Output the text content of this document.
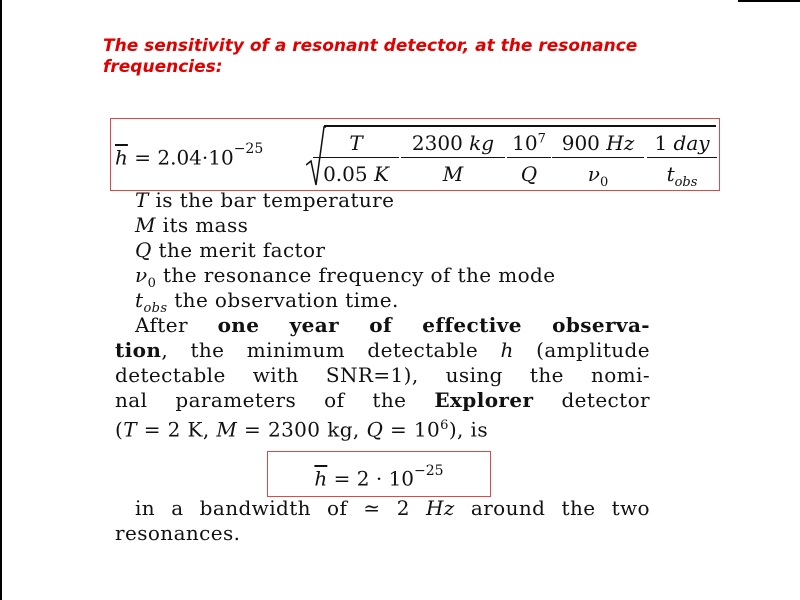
The sensitivity of a resonant detector, at the resonance frequencies:
$\overline{h} = 2.04\cdot 10^{-25} \frac{T}{0.05 K} \frac{2300 kg}{M} \frac{10^7}{Q} \frac{900 Hz}{\nu_0} 1$ day
$t_{obs}$
T is the bar temperature
M its mass
Q the merit factor
$\nu_0$ the resonance frequency of the mode
$t_{obs}$ the observation time.
After one year of effective observa-
tion, the minimum detectable h (amplitude
detectable with SNR=1), using the nomi-
nal parameters of the Explorer detector
(T = 2 K, M = 2300 kg, $Q = 10^6$), is
$\overline{h} = 2 \cdot 10^{-25}$
in a bandwidth of ≃ 2 Hz around the two
resonances.
